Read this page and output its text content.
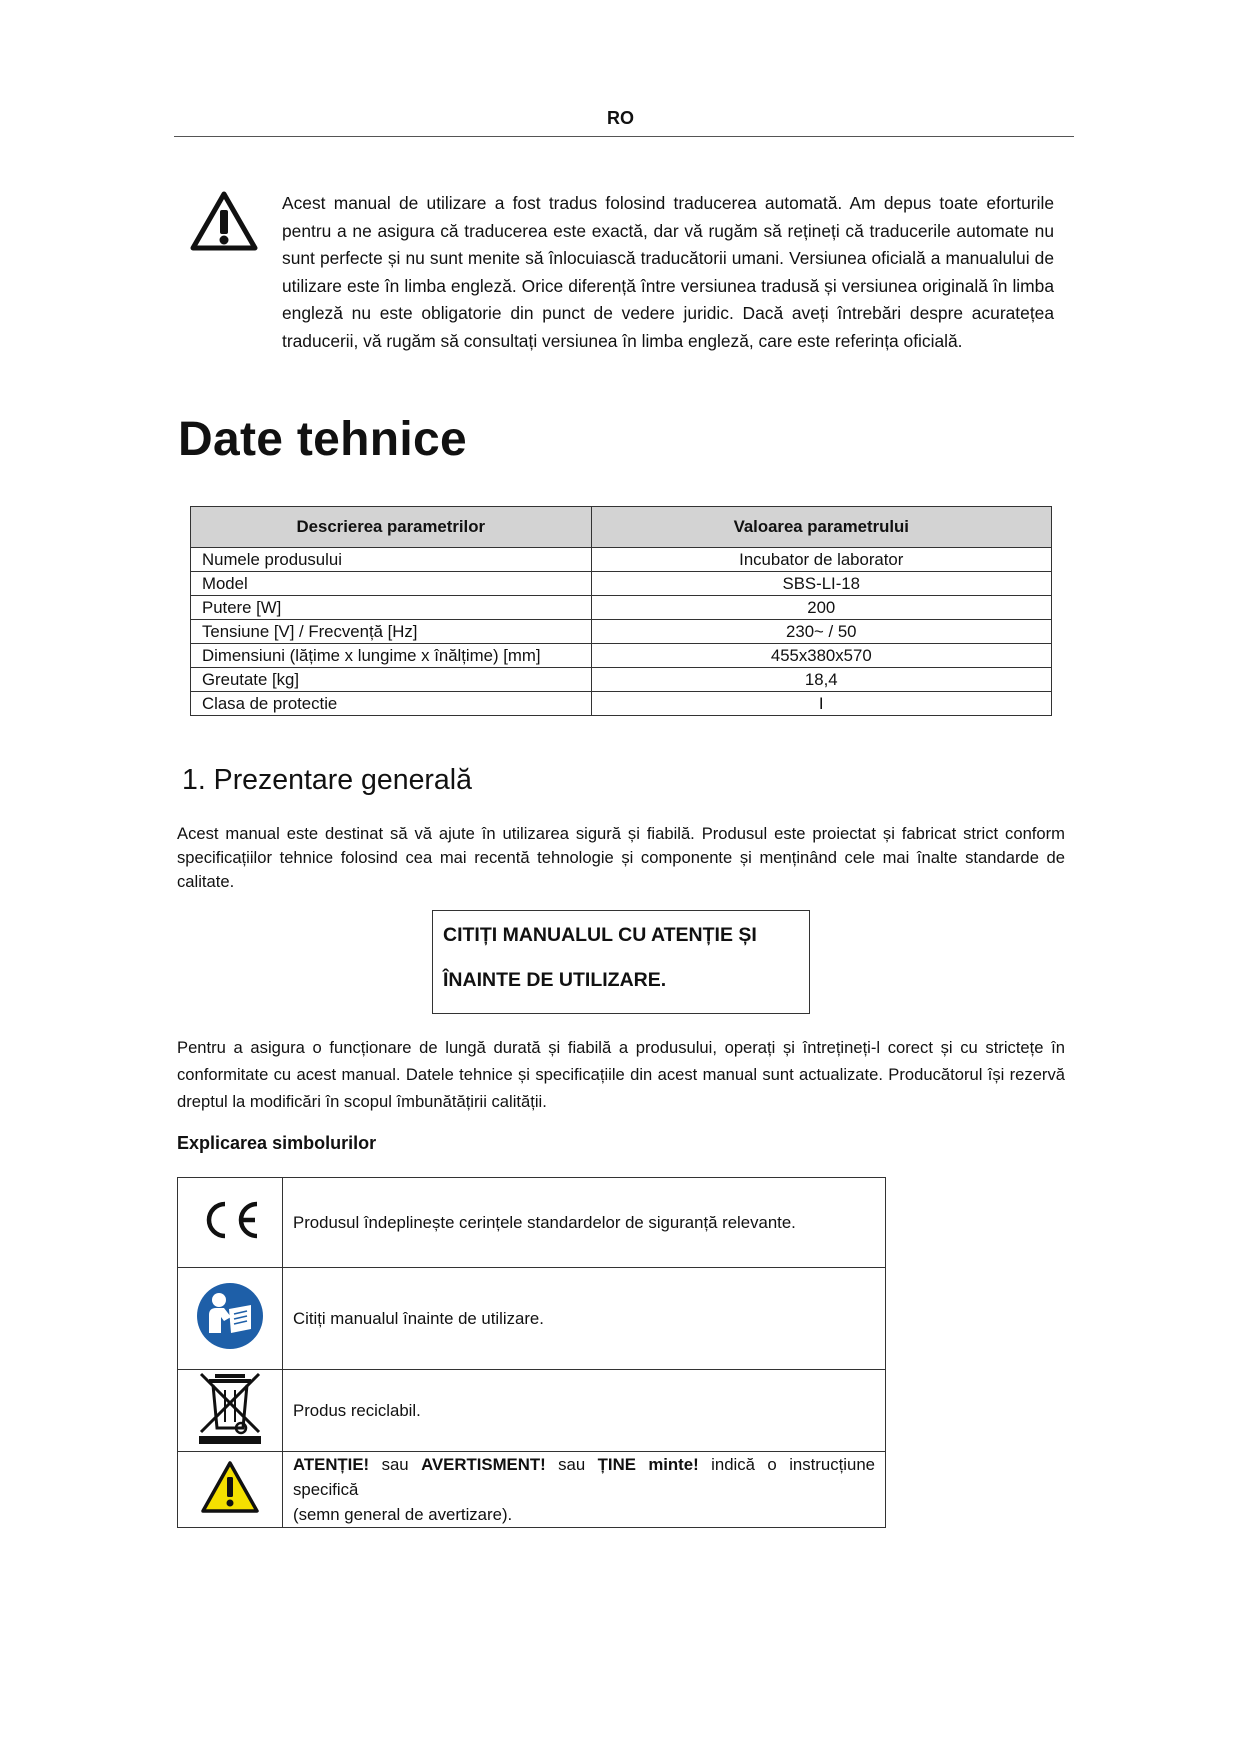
RO
Acest manual de utilizare a fost tradus folosind traducerea automată. Am depus toate eforturile pentru a ne asigura că traducerea este exactă, dar vă rugăm să rețineți că traducerile automate nu sunt perfecte și nu sunt menite să înlocuiască traducătorii umani. Versiunea oficială a manualului de utilizare este în limba engleză. Orice diferență între versiunea tradusă și versiunea originală în limba engleză nu este obligatorie din punct de vedere juridic. Dacă aveți întrebări despre acuratețea traducerii, vă rugăm să consultați versiunea în limba engleză, care este referința oficială.
Date tehnice
Descrierea parametrilor	Valoarea parametrului
Numele produsului	Incubator de laborator
Model	SBS-LI-18
Putere [W]	200
Tensiune [V] / Frecvență [Hz]	230~ / 50
Dimensiuni (lățime x lungime x înălțime) [mm]	455x380x570
Greutate [kg]	18,4
Clasa de protectie	I
1. Prezentare generală
Acest manual este destinat să vă ajute în utilizarea sigură și fiabilă. Produsul este proiectat și fabricat strict conform specificațiilor tehnice folosind cea mai recentă tehnologie și componente și menținând cele mai înalte standarde de calitate.
CITIȚI MANUALUL CU ATENȚIE ȘI
ÎNAINTE DE UTILIZARE.
Pentru a asigura o funcționare de lungă durată și fiabilă a produsului, operați și întrețineți-l corect și cu strictețe în conformitate cu acest manual. Datele tehnice și specificațiile din acest manual sunt actualizate. Producătorul își rezervă dreptul la modificări în scopul îmbunătățirii calității.
Explicarea simbolurilor
	Produsul îndeplinește cerințele standardelor de siguranță relevante.
	Citiți manualul înainte de utilizare.
	Produs reciclabil.
	ATENȚIE! sau AVERTISMENT! sau ȚINE minte! indică o instrucțiune specifică
(semn general de avertizare).
